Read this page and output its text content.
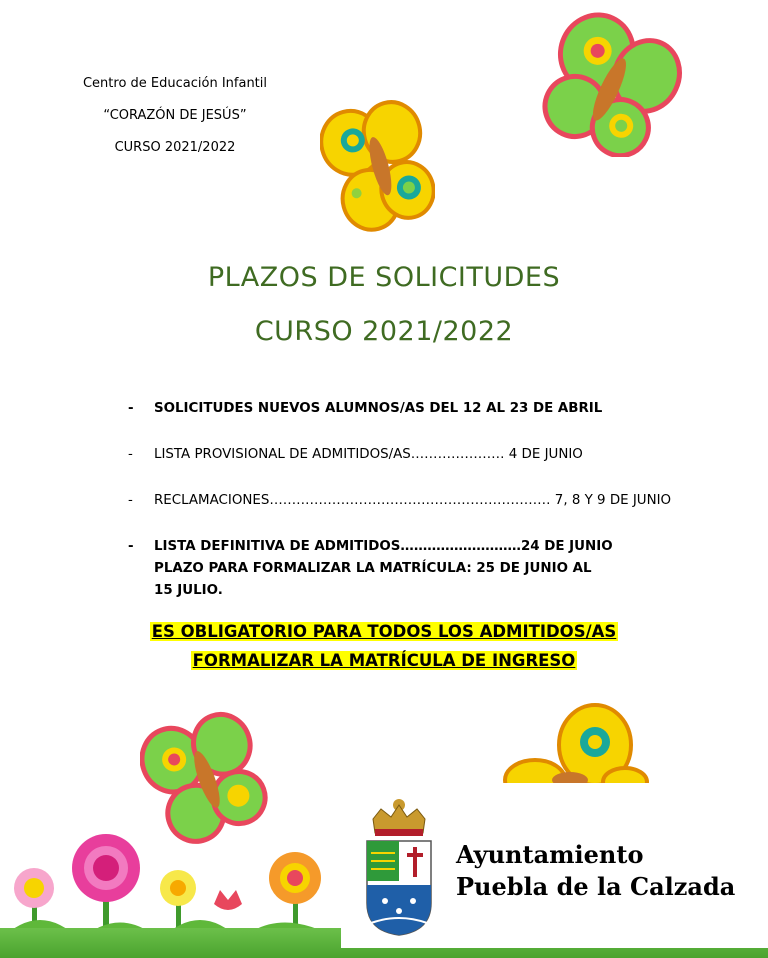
Centro de Educación Infantil
“CORAZÓN DE JESÚS”
CURSO 2021/2022
PLAZOS DE SOLICITUDES
CURSO 2021/2022
- SOLICITUDES NUEVOS ALUMNOS/AS DEL 12 AL 23 DE ABRIL
- LISTA PROVISIONAL DE ADMITIDOS/AS………………… 4 DE JUNIO
- RECLAMACIONES……………………………………………………… 7, 8 Y 9 DE JUNIO
- LISTA DEFINITIVA DE ADMITIDOS………………………24 DE JUNIO
PLAZO PARA FORMALIZAR LA MATRÍCULA: 25 DE JUNIO AL
15 JULIO.
ES OBLIGATORIO PARA TODOS LOS ADMITIDOS/AS
FORMALIZAR LA MATRÍCULA DE INGRESO
Ayuntamiento
Puebla de la Calzada
